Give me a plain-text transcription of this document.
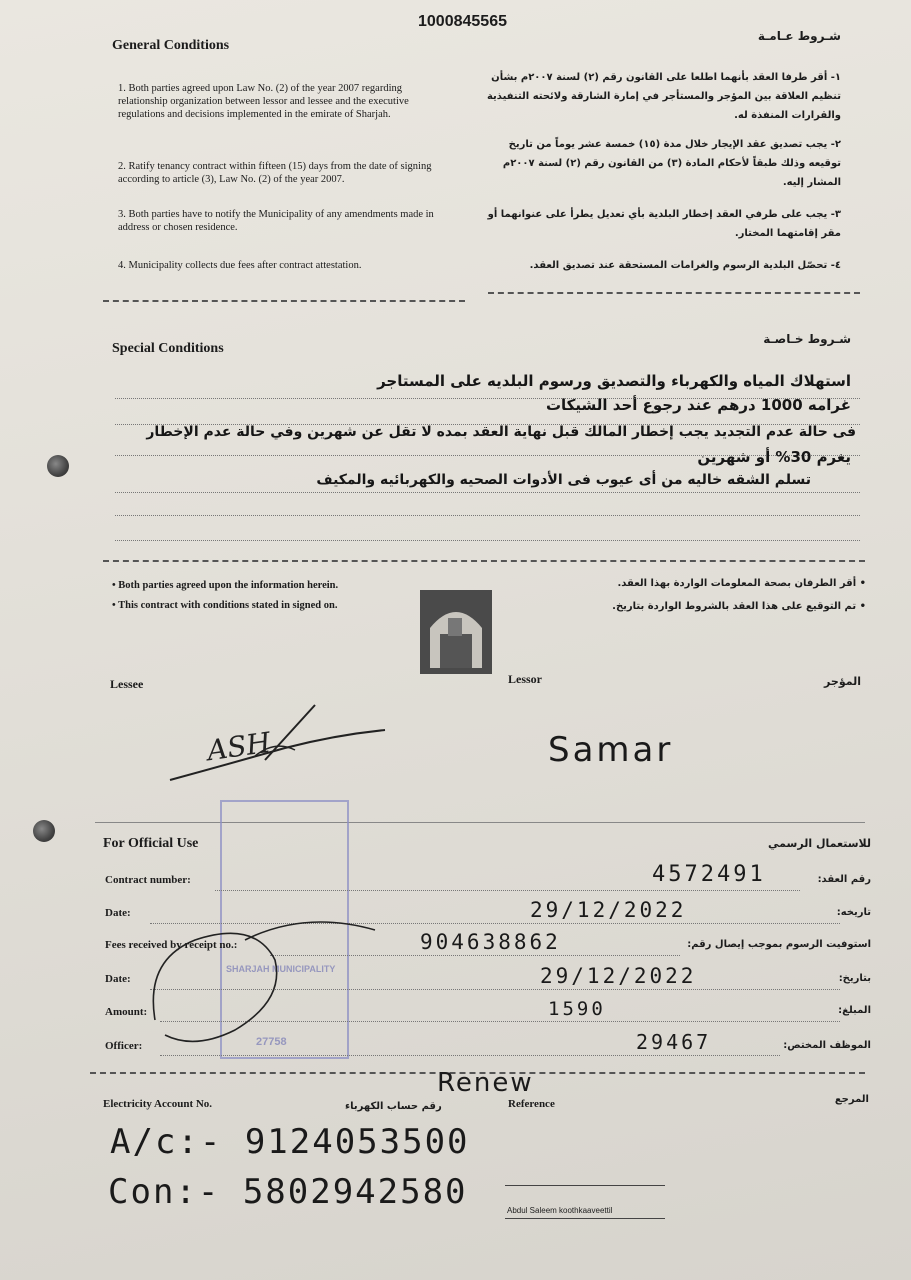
1000845565
General Conditions
شـروط عـامـة
1. Both parties agreed upon Law No. (2) of the year 2007 regarding relationship organization between lessor and lessee and the executive regulations and decisions implemented in the emirate of Sharjah.
2. Ratify tenancy contract within fifteen (15) days from the date of signing according to article (3), Law No. (2) of the year 2007.
3. Both parties have to notify the Municipality of any amendments made in address or chosen residence.
4. Municipality collects due fees after contract attestation.
١- أقر طرفا العقد بأنهما اطلعا على القانون رقم (٢) لسنة ٢٠٠٧م بشأن تنظيم العلاقة بين المؤجر والمستأجر في إمارة الشارقة ولائحته التنفيذية والقرارات المنفذة له.
٢- يجب تصديق عقد الإيجار خلال مدة (١٥) خمسة عشر يوماً من تاريخ توقيعه وذلك طبقاً لأحكام المادة (٣) من القانون رقم (٢) لسنة ٢٠٠٧م المشار إليه.
٣- يجب على طرفي العقد إخطار البلدية بأي تعديل يطرأ على عنوانهما أو مقر إقامتهما المختار.
٤- تحصّل البلدية الرسوم والغرامات المستحقة عند تصديق العقد.
Special Conditions
شـروط خـاصـة
استهلاك المياه والكهرباء والتصديق ورسوم البلديه على المستاجر
غرامه 1000 درهم عند رجوع أحد الشيكات
فى حالة عدم التجديد يجب إخطار المالك قبل نهاية العقد بمده لا تقل عن شهرين وفي حالة عدم الإخطار
يغرم 30% أو شهرين
تسلم الشقه خاليه من أى عيوب فى الأدوات الصحيه والكهربائيه والمكيف
• Both parties agreed upon the information herein.
• This contract with conditions stated in signed on.
• أقر الطرفان بصحة المعلومات الواردة بهذا العقد.
• تم التوقيع على هذا العقد بالشروط الواردة بتاريخ.
Lessee	Lessor	المؤجر
ASH	Samar
SHARJAH MUNICIPALITY
27758
For Official Use	للاستعمال الرسمي
Contract number:	رقم العقد:
4572491
Date:	تاريخه:
29/12/2022
Fees received by receipt no.:	استوفيت الرسوم بموجب إيصال رقم:
904638862
Date:	بتاريخ:
29/12/2022
Amount:	المبلغ:
1590
Officer:	الموظف المختص:
29467
Electricity Account No.	رقم حساب الكهرباء	Reference	المرجع
Renew
A/c:- 9124053500
Con:- 5802942580	Abdul Saleem koothkaaveettil
